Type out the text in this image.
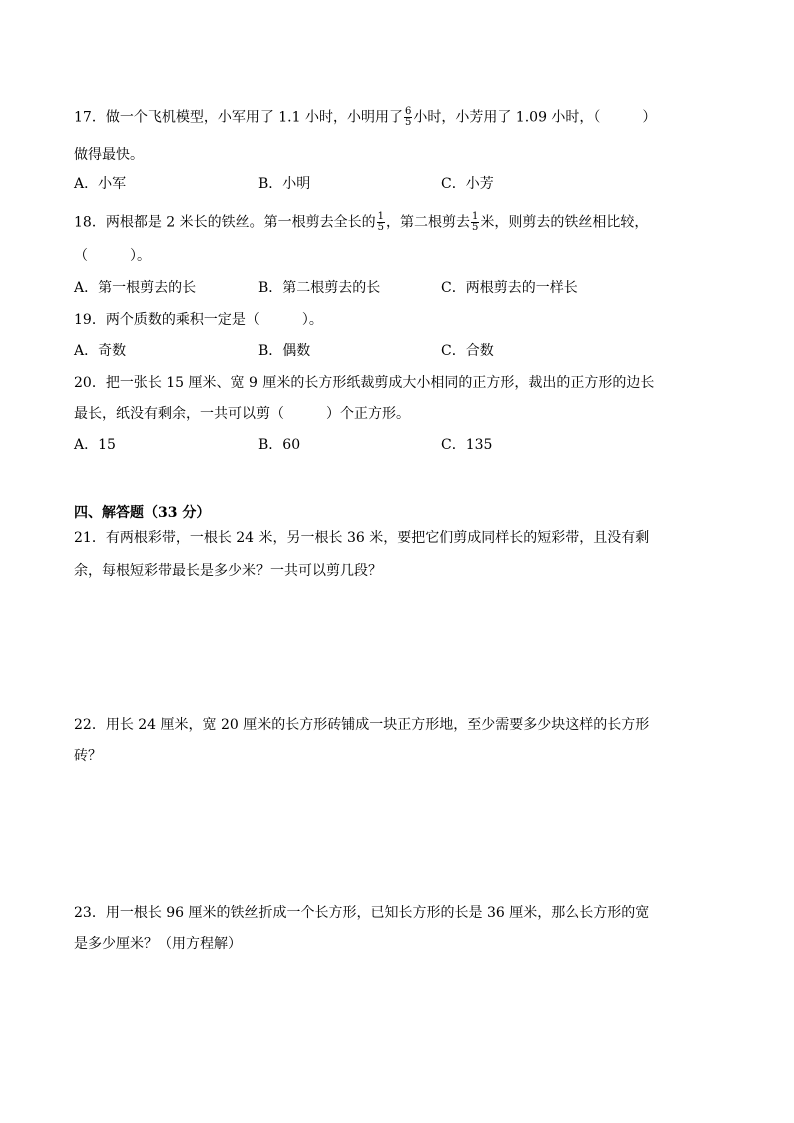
17．做一个飞机模型，小军用了 1.1 小时，小明用了 $\frac{6}{5}$ 小时，小芳用了 1.09 小时，（　　　）
做得最快。
A．小军	B．小明	C．小芳
18．两根都是 2 米长的铁丝。第一根剪去全长的 $\frac{1}{5}$ ，第二根剪去 $\frac{1}{5}$ 米，则剪去的铁丝相比较，
（　　　）。
A．第一根剪去的长	B．第二根剪去的长	C．两根剪去的一样长
19．两个质数的乘积一定是（　　　）。
A．奇数	B．偶数	C．合数
20．把一张长 15 厘米、宽 9 厘米的长方形纸裁剪成大小相同的正方形，裁出的正方形的边长
最长，纸没有剩余，一共可以剪（　　　）个正方形。
A．15	B．60	C．135
四、解答题（33 分）
21．有两根彩带，一根长 24 米，另一根长 36 米，要把它们剪成同样长的短彩带，且没有剩
余，每根短彩带最长是多少米？一共可以剪几段？
22．用长 24 厘米，宽 20 厘米的长方形砖铺成一块正方形地，至少需要多少块这样的长方形
砖？
23．用一根长 96 厘米的铁丝折成一个长方形，已知长方形的长是 36 厘米，那么长方形的宽
是多少厘米？（用方程解）
